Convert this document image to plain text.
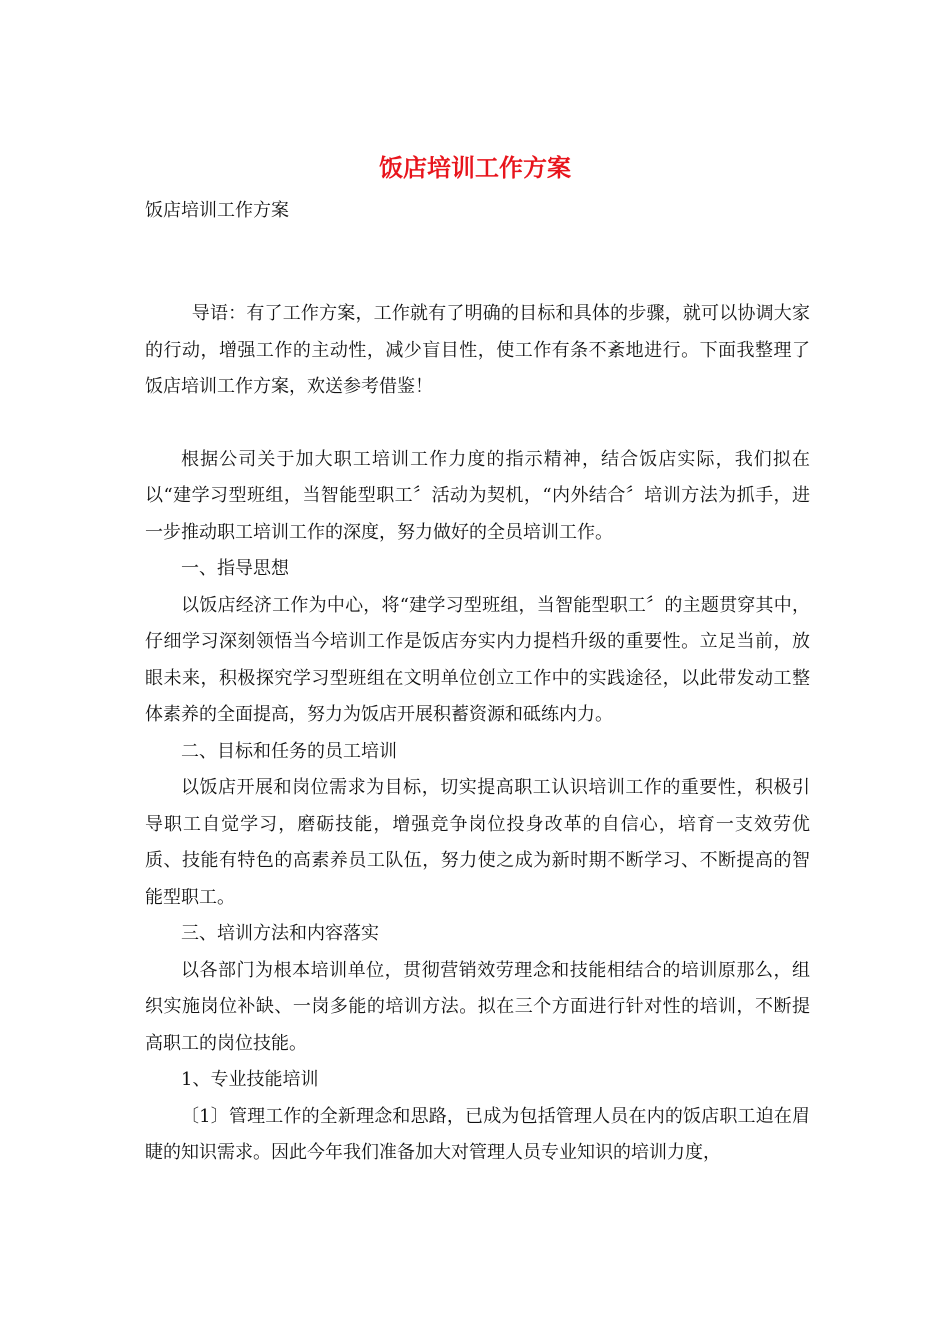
饭店培训工作方案

饭店培训工作方案

导语：有了工作方案，工作就有了明确的目标和具体的步骤，就可以协调大家的行动，增强工作的主动性，减少盲目性，使工作有条不紊地进行。下面我整理了饭店培训工作方案，欢送参考借鉴！

根据公司关于加大职工培训工作力度的指示精神，结合饭店实际，我们拟在以“建学习型班组，当智能型职工〞活动为契机，“内外结合〞培训方法为抓手，进一步推动职工培训工作的深度，努力做好的全员培训工作。

一、指导思想

以饭店经济工作为中心，将“建学习型班组，当智能型职工〞的主题贯穿其中，仔细学习深刻领悟当今培训工作是饭店夯实内力提档升级的重要性。立足当前，放眼未来，积极探究学习型班组在文明单位创立工作中的实践途径，以此带发动工整体素养的全面提高，努力为饭店开展积蓄资源和砥练内力。

二、目标和任务的员工培训

以饭店开展和岗位需求为目标，切实提高职工认识培训工作的重要性，积极引导职工自觉学习，磨砺技能，增强竞争岗位投身改革的自信心，培育一支效劳优质、技能有特色的高素养员工队伍，努力使之成为新时期不断学习、不断提高的智能型职工。

三、培训方法和内容落实

以各部门为根本培训单位，贯彻营销效劳理念和技能相结合的培训原那么，组织实施岗位补缺、一岗多能的培训方法。拟在三个方面进行针对性的培训，不断提高职工的岗位技能。

1、专业技能培训

〔1〕管理工作的全新理念和思路，已成为包括管理人员在内的饭店职工迫在眉睫的知识需求。因此今年我们准备加大对管理人员专业知识的培训力度，
